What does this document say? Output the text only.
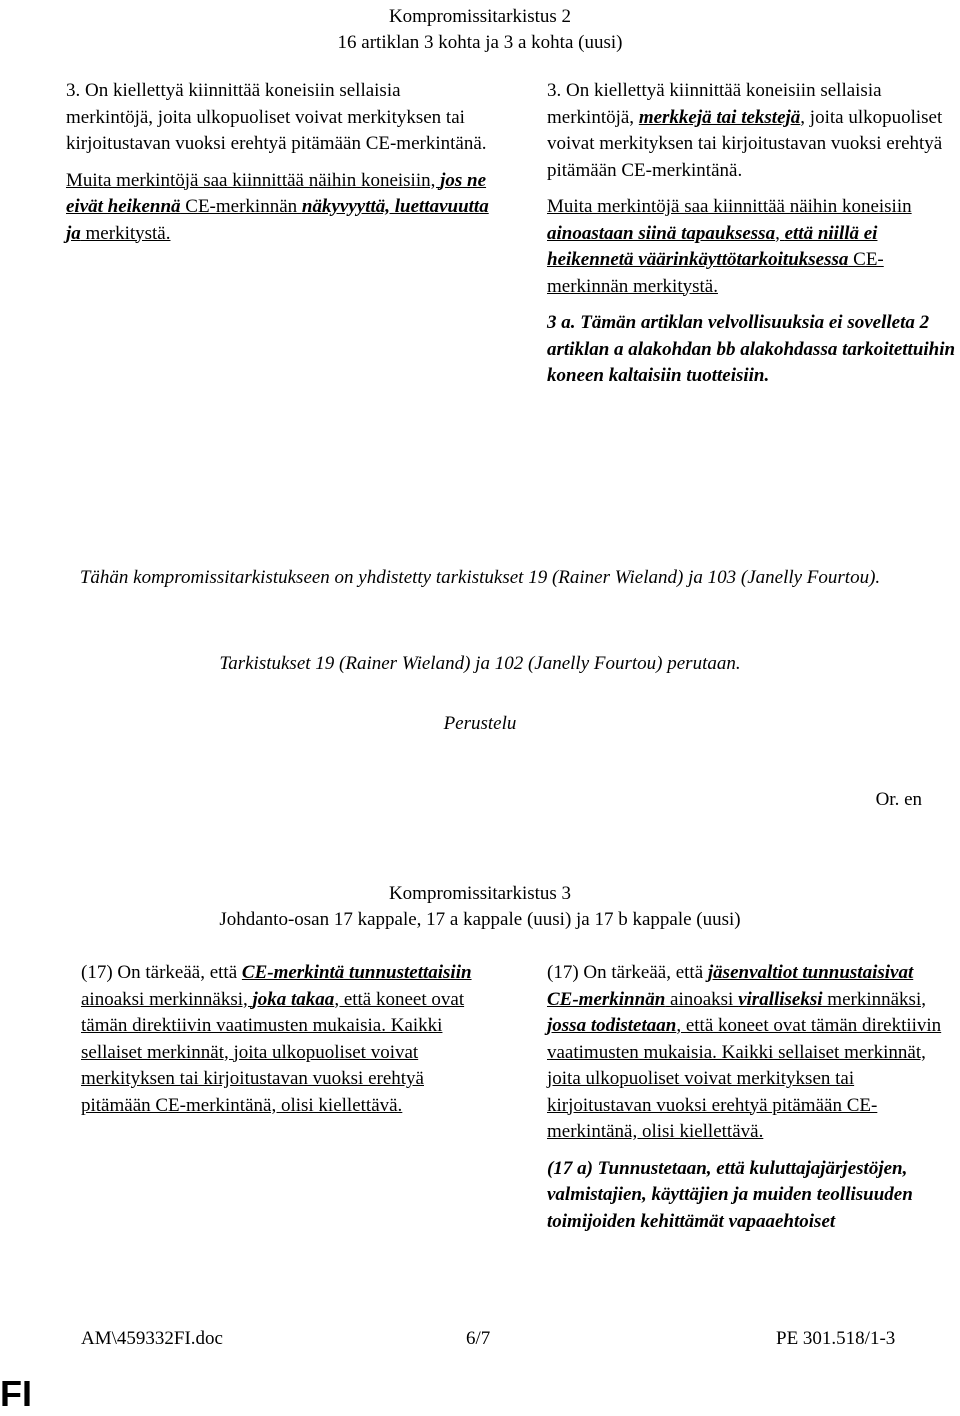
Kompromissitarkistus 2
16 artiklan 3 kohta ja 3 a kohta (uusi)

3. On kiellettyä kiinnittää koneisiin sellaisia merkintöjä, joita ulkopuoliset voivat merkityksen tai kirjoitustavan vuoksi erehtyä pitämään CE-merkintänä.

Muita merkintöjä saa kiinnittää näihin koneisiin, jos ne eivät heikennä CE-merkinnän näkyvyyttä, luettavuutta ja merkitystä.

3. On kiellettyä kiinnittää koneisiin sellaisia merkintöjä, merkkejä tai tekstejä, joita ulkopuoliset voivat merkityksen tai kirjoitustavan vuoksi erehtyä pitämään CE-merkintänä.

Muita merkintöjä saa kiinnittää näihin koneisiin ainoastaan siinä tapauksessa, että niillä ei heikennetä väärinkäyttötarkoituksessa CE-merkinnän merkitystä.

3 a. Tämän artiklan velvollisuuksia ei sovelleta 2 artiklan a alakohdan bb alakohdassa tarkoitettuihin koneen kaltaisiin tuotteisiin.

Tähän kompromissitarkistukseen on yhdistetty tarkistukset 19 (Rainer Wieland) ja 103 (Janelly Fourtou).
Tarkistukset 19 (Rainer Wieland) ja 102 (Janelly Fourtou) perutaan.
Perustelu
Or. en
Kompromissitarkistus 3
Johdanto-osan 17 kappale, 17 a kappale (uusi) ja 17 b kappale (uusi)

(17) On tärkeää, että CE-merkintä tunnustettaisiin ainoaksi merkinnäksi, joka takaa, että koneet ovat tämän direktiivin vaatimusten mukaisia. Kaikki sellaiset merkinnät, joita ulkopuoliset voivat merkityksen tai kirjoitustavan vuoksi erehtyä pitämään CE-merkintänä, olisi kiellettävä.

(17) On tärkeää, että jäsenvaltiot tunnustaisivat CE-merkinnän ainoaksi viralliseksi merkinnäksi, jossa todistetaan, että koneet ovat tämän direktiivin vaatimusten mukaisia. Kaikki sellaiset merkinnät, joita ulkopuoliset voivat merkityksen tai kirjoitustavan vuoksi erehtyä pitämään CE-merkintänä, olisi kiellettävä.

(17 a) Tunnustetaan, että kuluttajajärjestöjen, valmistajien, käyttäjien ja muiden teollisuuden toimijoiden kehittämät vapaaehtoiset

AM\459332FI.doc	6/7	PE 301.518/1-3
FI
